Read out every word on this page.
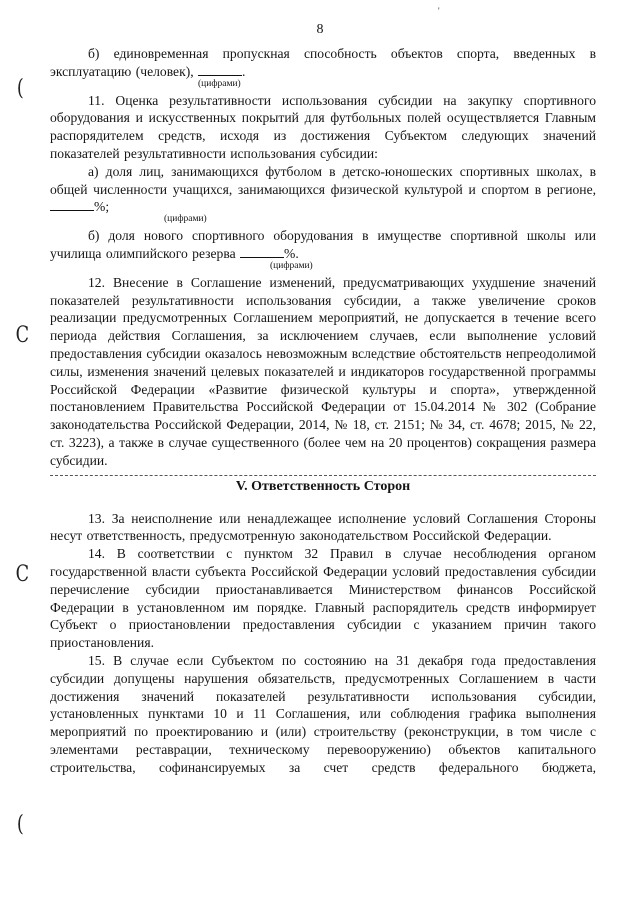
'
8
(
C
C
(

б) единовременная пропускная способность объектов спорта, введенных в эксплуатацию (человек),	.

(цифрами)

11. Оценка результативности использования субсидии на закупку спортивного оборудования и искусственных покрытий для футбольных полей осуществляется Главным распорядителем средств, исходя из достижения Субъектом следующих значений показателей результативности использования субсидии:

а) доля лиц, занимающихся футболом в детско-юношеских спортивных школах, в общей численности учащихся, занимающихся физической культурой и спортом в регионе, %;

(цифрами)

б) доля нового спортивного оборудования в имуществе спортивной школы или училища олимпийского резерва	%.

(цифрами)

12. Внесение в Соглашение изменений, предусматривающих ухудшение значений показателей результативности использования субсидии, а также увеличение сроков реализации предусмотренных Соглашением мероприятий, не допускается в течение всего периода действия Соглашения, за исключением случаев, если выполнение условий предоставления субсидии оказалось невозможным вследствие обстоятельств непреодолимой силы, изменения значений целевых показателей и индикаторов государственной программы Российской Федерации «Развитие физической культуры и спорта», утвержденной постановлением Правительства Российской Федерации от 15.04.2014 № 302 (Собрание законодательства Российской Федерации, 2014, № 18, ст. 2151; № 34, ст. 4678; 2015, № 22, ст. 3223), а также в случае существенного (более чем на 20 процентов) сокращения размера субсидии.

V. Ответственность Сторон

13. За неисполнение или ненадлежащее исполнение условий Соглашения Стороны несут ответственность, предусмотренную законодательством Российской Федерации.

14. В соответствии с пунктом 32 Правил в случае несоблюдения органом государственной власти субъекта Российской Федерации условий предоставления субсидии перечисление субсидии приостанавливается Министерством финансов Российской Федерации в установленном им порядке. Главный распорядитель средств информирует Субъект о приостановлении предоставления субсидии с указанием причин такого приостановления.

15. В случае если Субъектом по состоянию на 31 декабря года предоставления субсидии допущены нарушения обязательств, предусмотренных Соглашением в части достижения значений показателей результативности использования субсидии, установленных пунктами 10 и 11 Соглашения, или соблюдения графика выполнения мероприятий по проектированию и (или) строительству (реконструкции, в том числе с элементами реставрации, техническому перевооружению) объектов капитального строительства, софинансируемых за счет средств федерального бюджета,
